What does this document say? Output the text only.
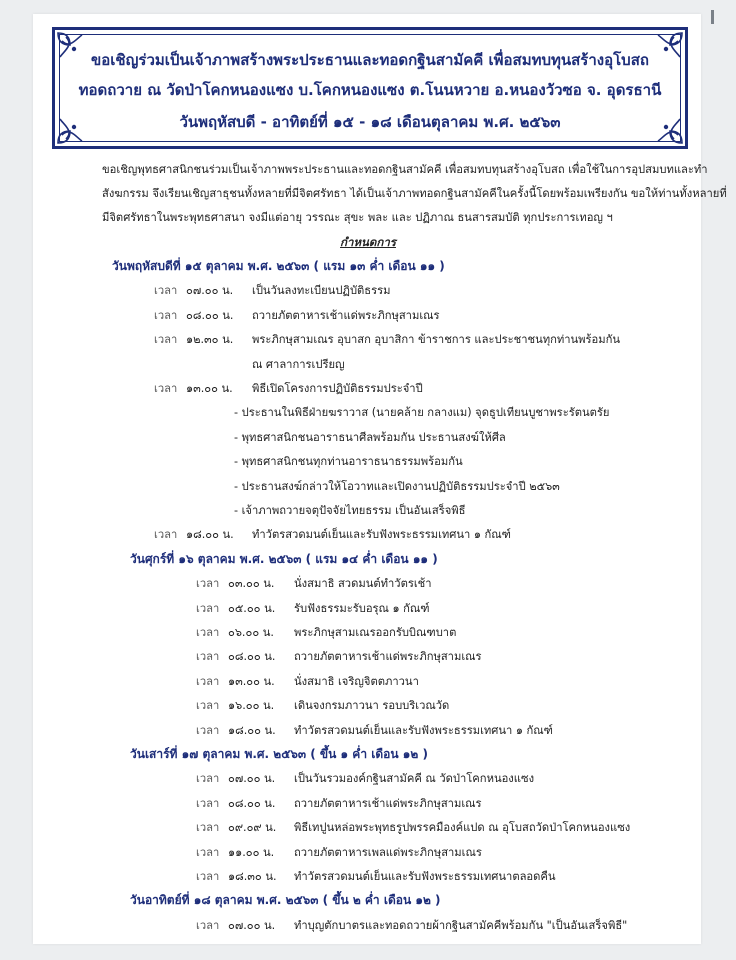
ขอเชิญร่วมเป็นเจ้าภาพสร้างพระประธานและทอดกฐินสามัคคี เพื่อสมทบทุนสร้างอุโบสถ
ทอดถวาย ณ วัดป่าโคกหนองแซง บ.โคกหนองแซง ต.โนนหวาย อ.หนองวัวซอ จ. อุดรธานี
วันพฤหัสบดี - อาทิตย์ที่ ๑๕ - ๑๘ เดือนตุลาคม พ.ศ. ๒๕๖๓
ขอเชิญพุทธศาสนิกชนร่วมเป็นเจ้าภาพพระประธานและทอดกฐินสามัคคี เพื่อสมทบทุนสร้างอุโบสถ เพื่อใช้ในการอุปสมบทและทำ
สังฆกรรม จึงเรียนเชิญสาธุชนทั้งหลายที่มีจิตศรัทธา ได้เป็นเจ้าภาพทอดกฐินสามัคคีในครั้งนี้โดยพร้อมเพรียงกัน ขอให้ท่านทั้งหลายที่
มีจิตศรัทธาในพระพุทธศาสนา จงมีแต่อายุ วรรณะ สุขะ พละ และ ปฏิภาณ ธนสารสมบัติ ทุกประการเทอญ ฯ
กำหนดการ
วันพฤหัสบดีที่ ๑๕ ตุลาคม พ.ศ. ๒๕๖๓ ( แรม ๑๓ ค่ำ เดือน ๑๑ )
เวลา ๐๗.๐๐ น. เป็นวันลงทะเบียนปฏิบัติธรรม
เวลา ๐๘.๐๐ น. ถวายภัตตาหารเช้าแด่พระภิกษุสามเณร
เวลา ๑๒.๓๐ น. พระภิกษุสามเณร อุบาสก อุบาสิกา ข้าราชการ และประชาชนทุกท่านพร้อมกัน
ณ ศาลาการเปรียญ
เวลา ๑๓.๐๐ น. พิธีเปิดโครงการปฏิบัติธรรมประจำปี
- ประธานในพิธีฝ่ายฆราวาส (นายคล้าย กลางแม) จุดธูปเทียนบูชาพระรัตนตรัย
- พุทธศาสนิกชนอาราธนาศีลพร้อมกัน ประธานสงฆ์ให้ศีล
- พุทธศาสนิกชนทุกท่านอาราธนาธรรมพร้อมกัน
- ประธานสงฆ์กล่าวให้โอวาทและเปิดงานปฏิบัติธรรมประจำปี ๒๕๖๓
- เจ้าภาพถวายจตุปัจจัยไทยธรรม เป็นอันเสร็จพิธี
เวลา ๑๘.๐๐ น. ทำวัตรสวดมนต์เย็นและรับฟังพระธรรมเทศนา ๑ กัณฑ์
วันศุกร์ที่ ๑๖ ตุลาคม พ.ศ. ๒๕๖๓ ( แรม ๑๔ ค่ำ เดือน ๑๑ )
เวลา ๐๓.๐๐ น. นั่งสมาธิ สวดมนต์ทำวัตรเช้า
เวลา ๐๕.๐๐ น. รับฟังธรรมะรับอรุณ ๑ กัณฑ์
เวลา ๐๖.๐๐ น. พระภิกษุสามเณรออกรับบิณฑบาต
เวลา ๐๘.๐๐ น. ถวายภัตตาหารเช้าแด่พระภิกษุสามเณร
เวลา ๑๓.๐๐ น. นั่งสมาธิ เจริญจิตตภาวนา
เวลา ๑๖.๐๐ น. เดินจงกรมภาวนา รอบบริเวณวัด
เวลา ๑๘.๐๐ น. ทำวัตรสวดมนต์เย็นและรับฟังพระธรรมเทศนา ๑ กัณฑ์
วันเสาร์ที่ ๑๗ ตุลาคม พ.ศ. ๒๕๖๓ ( ขึ้น ๑ ค่ำ เดือน ๑๒ )
เวลา ๐๗.๐๐ น. เป็นวันรวมองค์กฐินสามัคคี ณ วัดป่าโคกหนองแซง
เวลา ๐๘.๐๐ น. ถวายภัตตาหารเช้าแด่พระภิกษุสามเณร
เวลา ๐๙.๐๙ น. พิธีเทปูนหล่อพระพุทธรูปพรรคมืองค์แปด ณ อุโบสถวัดป่าโคกหนองแซง
เวลา ๑๑.๐๐ น. ถวายภัตตาหารเพลแด่พระภิกษุสามเณร
เวลา ๑๘.๓๐ น. ทำวัตรสวดมนต์เย็นและรับฟังพระธรรมเทศนาตลอดคืน
วันอาทิตย์ที่ ๑๘ ตุลาคม พ.ศ. ๒๕๖๓ ( ขึ้น ๒ ค่ำ เดือน ๑๒ )
เวลา ๐๗.๐๐ น. ทำบุญตักบาตรและทอดถวายผ้ากฐินสามัคคีพร้อมกัน "เป็นอันเสร็จพิธี"
